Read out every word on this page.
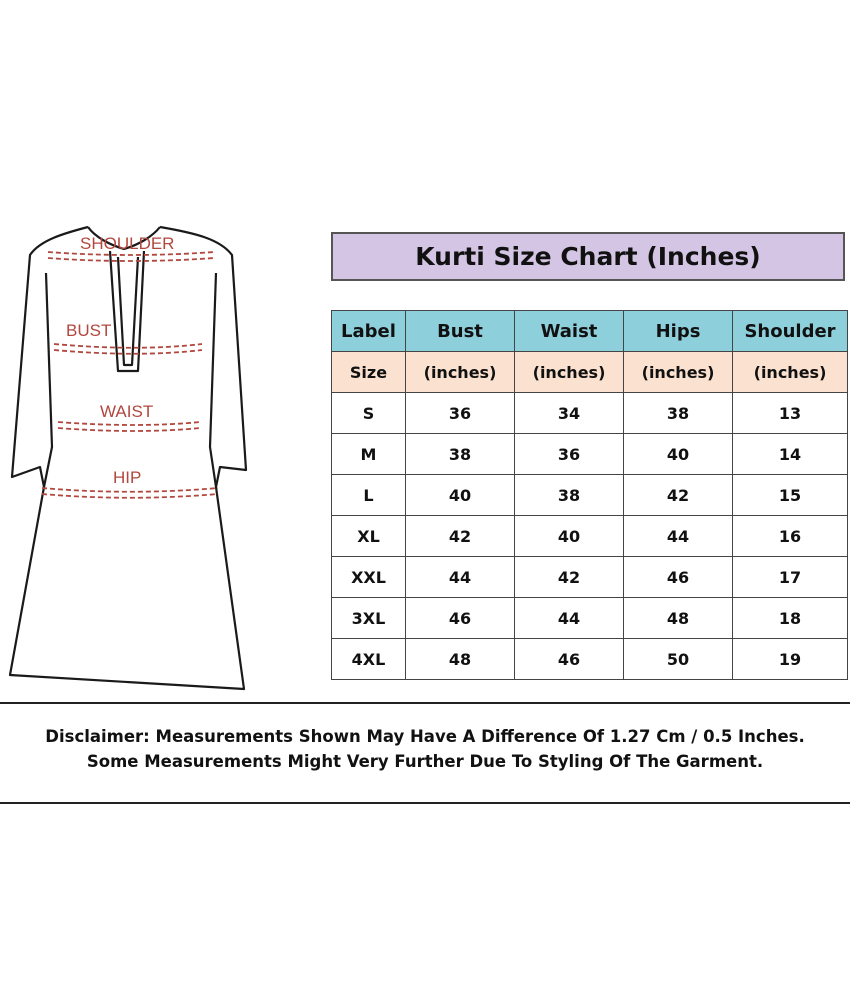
SHOULDER
BUST
WAIST
HIP
Kurti Size Chart (Inches)
Label	Bust	Waist	Hips	Shoulder
Size	(inches)	(inches)	(inches)	(inches)
S	36	34	38	13
M	38	36	40	14
L	40	38	42	15
XL	42	40	44	16
XXL	44	42	46	17
3XL	46	44	48	18
4XL	48	46	50	19
Disclaimer: Measurements Shown May Have A Difference Of 1.27 Cm / 0.5 Inches.
Some Measurements Might Very Further Due To Styling Of The Garment.
